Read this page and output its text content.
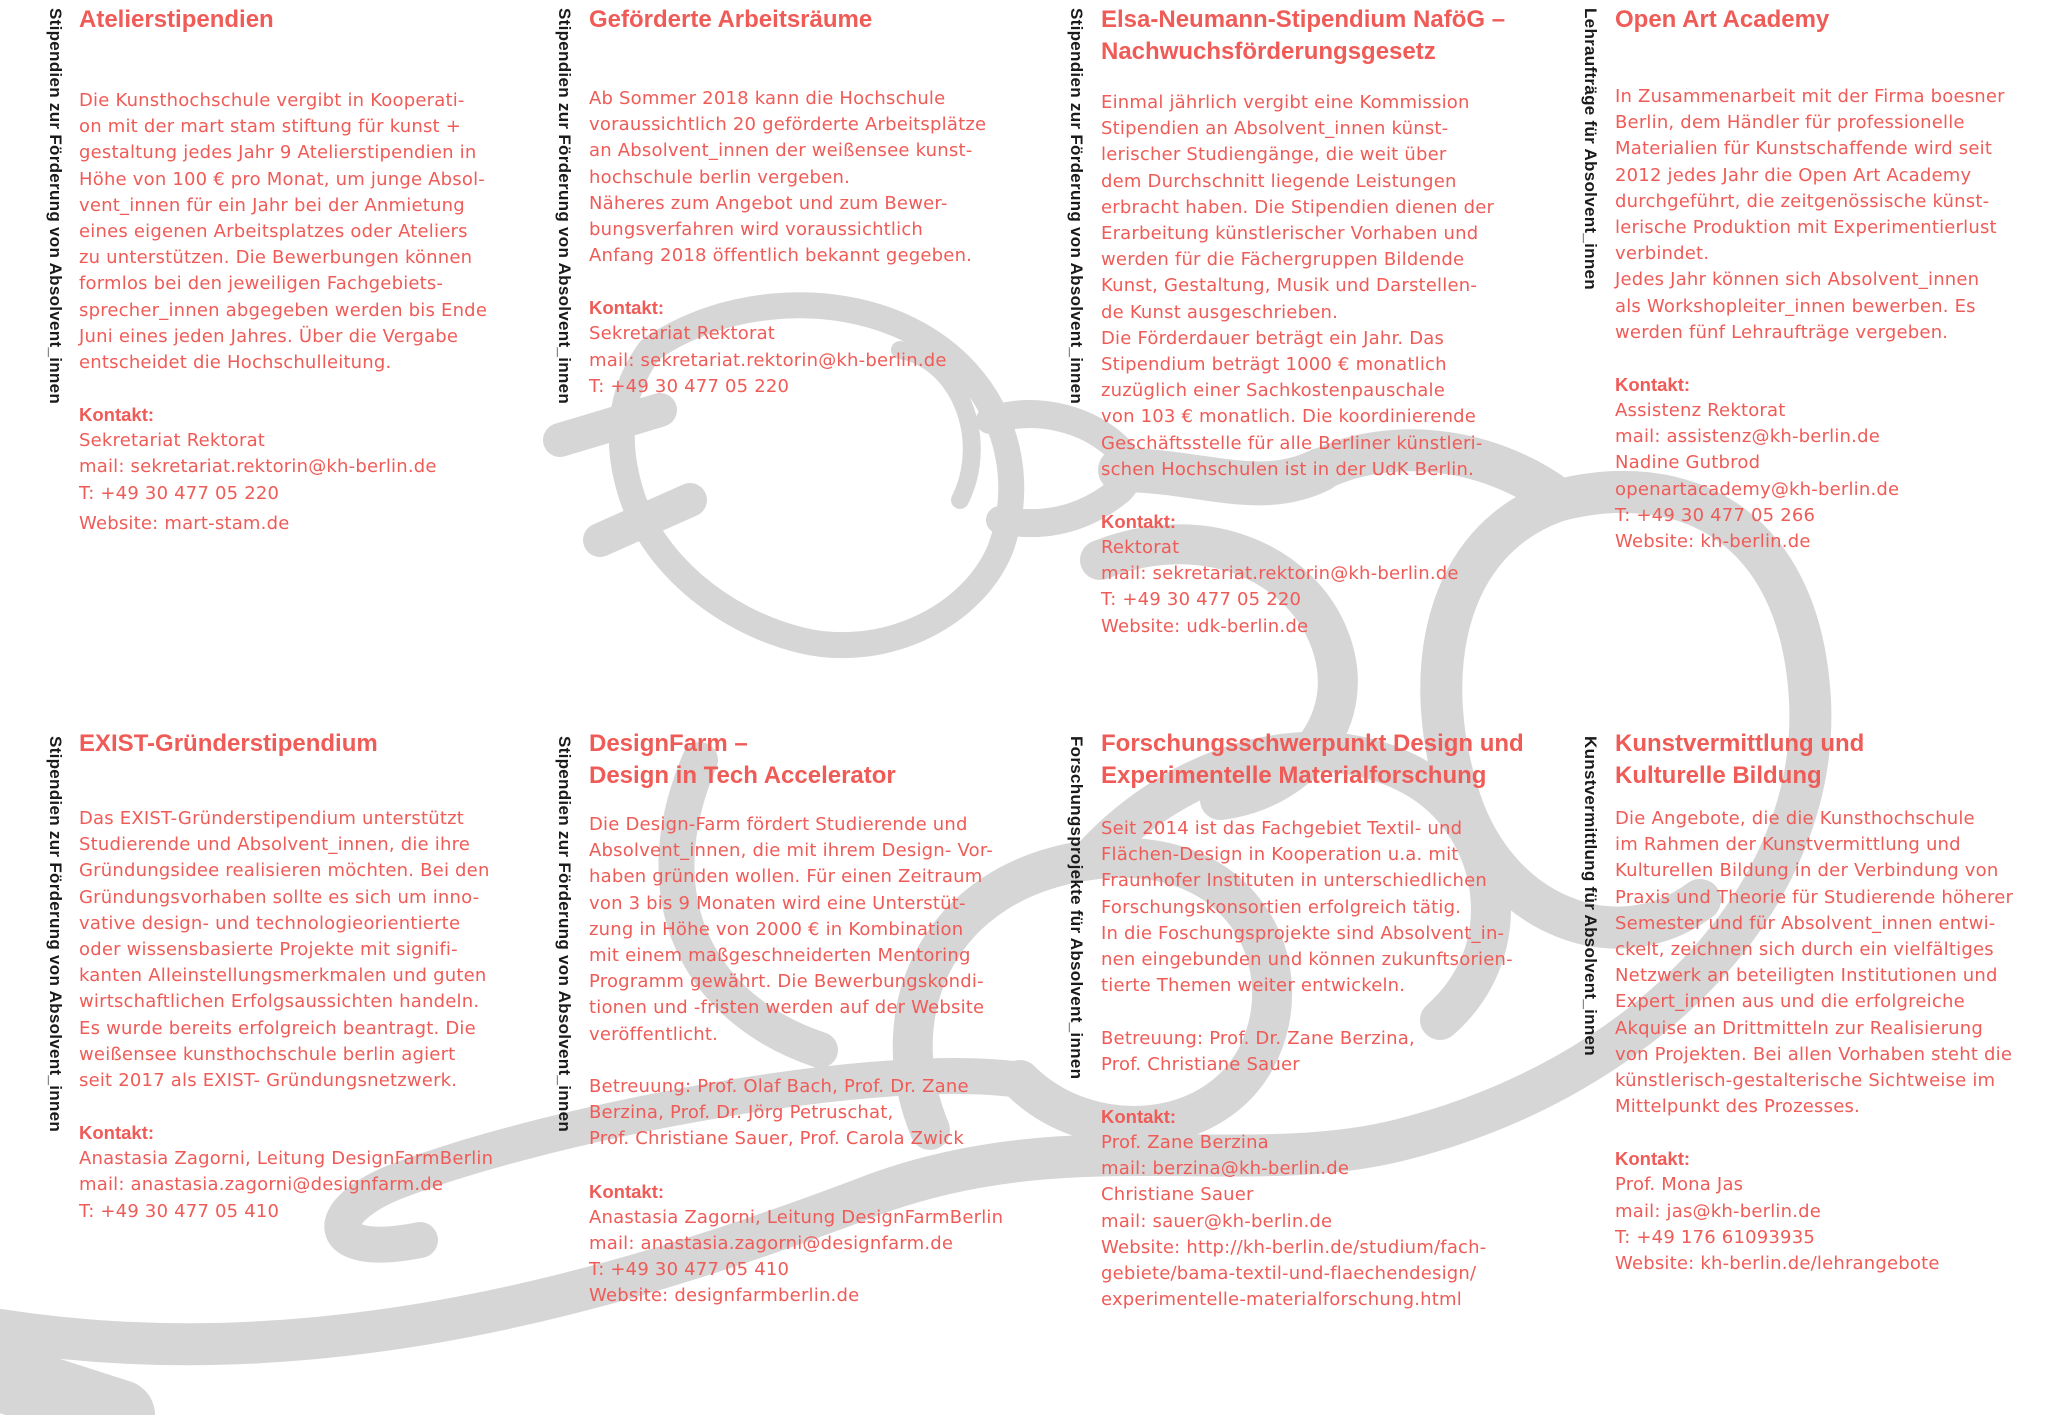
Stipendien zur Förderung von Absolvent_innen Atelierstipendien

Die Kunsthochschule vergibt in Kooperati-
on mit der mart stam stiftung für kunst +
gestaltung jedes Jahr 9 Atelierstipendien in
Höhe von 100 € pro Monat, um junge Absol-
vent_innen für ein Jahr bei der Anmietung
eines eigenen Arbeitsplatzes oder Ateliers
zu unterstützen. Die Bewerbungen können
formlos bei den jeweiligen Fachgebiets-
sprecher_innen abgegeben werden bis Ende
Juni eines jeden Jahres. Über die Vergabe
entscheidet die Hochschulleitung.

Kontakt:

Sekretariat Rektorat

mail: sekretariat.rektorin@kh-berlin.de

T: +49 30 477 05 220

Website: mart-stam.de

Stipendien zur Förderung von Absolvent_innen Geförderte Arbeitsräume

Ab Sommer 2018 kann die Hochschule
voraussichtlich 20 geförderte Arbeitsplätze
an Absolvent_innen der weißensee kunst-
hochschule berlin vergeben.
Näheres zum Angebot und zum Bewer-
bungsverfahren wird voraussichtlich
Anfang 2018 öffentlich bekannt gegeben.

Kontakt:

Sekretariat Rektorat

mail: sekretariat.rektorin@kh-berlin.de

T: +49 30 477 05 220	Stipendien zur Förderung von Absolvent_innen Elsa-Neumann-Stipendium NaföG –
Nachwuchsförderungsgesetz

Einmal jährlich vergibt eine Kommission
Stipendien an Absolvent_innen künst-
lerischer Studiengänge, die weit über
dem Durchschnitt liegende Leistungen
erbracht haben. Die Stipendien dienen der
Erarbeitung künstlerischer Vorhaben und
werden für die Fächergruppen Bildende
Kunst, Gestaltung, Musik und Darstellen-
de Kunst ausgeschrieben.
Die Förderdauer beträgt ein Jahr. Das
Stipendium beträgt 1000 € monatlich
zuzüglich einer Sachkostenpauschale
von 103 € monatlich. Die koordinierende
Geschäftsstelle für alle Berliner künstleri-
schen Hochschulen ist in der UdK Berlin.

Kontakt:

Rektorat

mail: sekretariat.rektorin@kh-berlin.de

T: +49 30 477 05 220

Website: udk-berlin.de

Lehraufträge für Absolvent_innen Open Art Academy

In Zusammenarbeit mit der Firma boesner
Berlin, dem Händler für professionelle
Materialien für Kunstschaffende wird seit
2012 jedes Jahr die Open Art Academy
durchgeführt, die zeitgenössische künst-
lerische Produktion mit Experimentierlust
verbindet.
Jedes Jahr können sich Absolvent_innen
als Workshopleiter_innen bewerben. Es
werden fünf Lehraufträge vergeben.

Kontakt:

Assistenz Rektorat

mail: assistenz@kh-berlin.de

Nadine Gutbrod

openartacademy@kh-berlin.de

T: +49 30 477 05 266

Website: kh-berlin.de

Stipendien zur Förderung von Absolvent_innen EXIST-Gründerstipendium

Das EXIST-Gründerstipendium unterstützt
Studierende und Absolvent_innen, die ihre
Gründungsidee realisieren möchten. Bei den
Gründungsvorhaben sollte es sich um inno-
vative design- und technologieorientierte
oder wissensbasierte Projekte mit signifi-
kanten Alleinstellungsmerkmalen und guten
wirtschaftlichen Erfolgsaussichten handeln.
Es wurde bereits erfolgreich beantragt. Die
weißensee kunsthochschule berlin agiert
seit 2017 als EXIST- Gründungsnetzwerk.

Kontakt:

Anastasia Zagorni, Leitung DesignFarmBerlin

mail: anastasia.zagorni@designfarm.de

T: +49 30 477 05 410

Stipendien zur Förderung von Absolvent_innen DesignFarm –
Design in Tech Accelerator

Die Design-Farm fördert Studierende und
Absolvent_innen, die mit ihrem Design- Vor-
haben gründen wollen. Für einen Zeitraum
von 3 bis 9 Monaten wird eine Unterstüt-
zung in Höhe von 2000 € in Kombination
mit einem maßgeschneiderten Mentoring
Programm gewährt. Die Bewerbungskondi-
tionen und -fristen werden auf der Website
veröffentlicht.

Betreuung: Prof. Olaf Bach, Prof. Dr. Zane
Berzina, Prof. Dr. Jörg Petruschat,
Prof. Christiane Sauer, Prof. Carola Zwick

Kontakt:

Anastasia Zagorni, Leitung DesignFarmBerlin

mail: anastasia.zagorni@designfarm.de

T: +49 30 477 05 410

Website: designfarmberlin.de

Forschungsprojekte für Absolvent_innen Forschungsschwerpunkt Design und
Experimentelle Materialforschung

Seit 2014 ist das Fachgebiet Textil- und
Flächen-Design in Kooperation u.a. mit
Fraunhofer Instituten in unterschiedlichen
Forschungskonsortien erfolgreich tätig.
In die Foschungsprojekte sind Absolvent_in-
nen eingebunden und können zukunftsorien-
tierte Themen weiter entwickeln.

Betreuung: Prof. Dr. Zane Berzina,
Prof. Christiane Sauer

Kontakt:

Prof. Zane Berzina

mail: berzina@kh-berlin.de

Christiane Sauer

mail: sauer@kh-berlin.de

Website: http://kh-berlin.de/studium/fach-

gebiete/bama-textil-und-flaechendesign/

experimentelle-materialforschung.html

Kunstvermittlung für Absolvent_innen Kunstvermittlung und
Kulturelle Bildung

Die Angebote, die die Kunsthochschule
im Rahmen der Kunstvermittlung und
Kulturellen Bildung in der Verbindung von
Praxis und Theorie für Studierende höherer
Semester und für Absolvent_innen entwi-
ckelt, zeichnen sich durch ein vielfältiges
Netzwerk an beteiligten Institutionen und
Expert_innen aus und die erfolgreiche
Akquise an Drittmitteln zur Realisierung
von Projekten. Bei allen Vorhaben steht die
künstlerisch-gestalterische Sichtweise im
Mittelpunkt des Prozesses.

Kontakt:

Prof. Mona Jas

mail: jas@kh-berlin.de

T: +49 176 61093935

Website: kh-berlin.de/lehrangebote
